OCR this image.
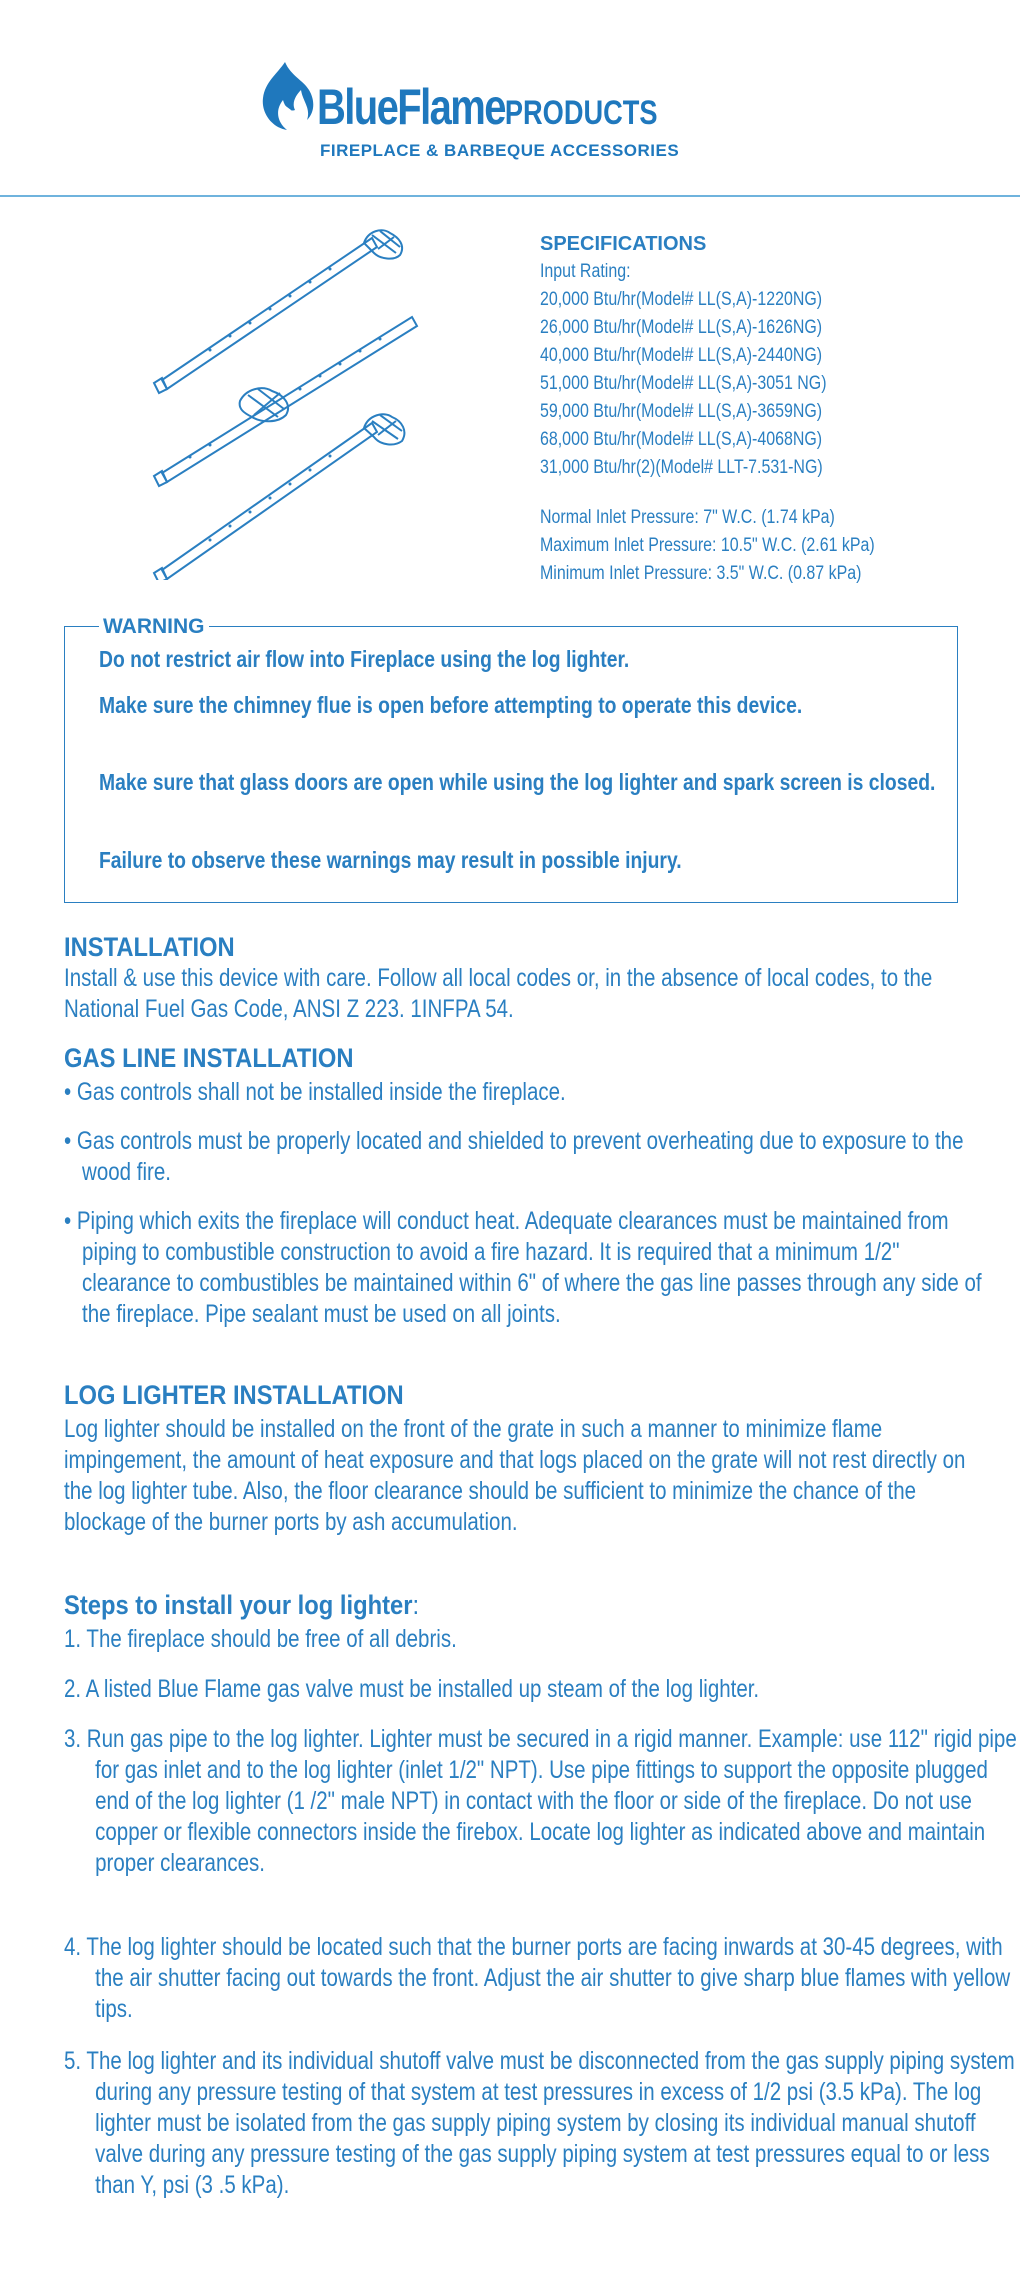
BlueFlamePRODUCTS
FIREPLACE & BARBEQUE ACCESSORIES
SPECIFICATIONS
Input Rating:
20,000 Btu/hr(Model# LL(S,A)-1220NG)
26,000 Btu/hr(Model# LL(S,A)-1626NG)
40,000 Btu/hr(Model# LL(S,A)-2440NG)
51,000 Btu/hr(Model# LL(S,A)-3051 NG)
59,000 Btu/hr(Model# LL(S,A)-3659NG)
68,000 Btu/hr(Model# LL(S,A)-4068NG)
31,000 Btu/hr(2)(Model# LLT-7.531-NG)
Normal Inlet Pressure: 7" W.C. (1.74 kPa)
Maximum Inlet Pressure: 10.5" W.C. (2.61 kPa)
Minimum Inlet Pressure: 3.5" W.C. (0.87 kPa)
WARNING
Do not restrict air flow into Fireplace using the log lighter.
Make sure the chimney flue is open before attempting to operate this device.
Make sure that glass doors are open while using the log lighter and spark screen is closed.
Failure to observe these warnings may result in possible injury.
INSTALLATION
Install & use this device with care. Follow all local codes or, in the absence of local codes, to the National Fuel Gas Code, ANSI Z 223. 1INFPA 54.
GAS LINE INSTALLATION
• Gas controls shall not be installed inside the fireplace.
• Gas controls must be properly located and shielded to prevent overheating due to exposure to the wood fire.
• Piping which exits the fireplace will conduct heat. Adequate clearances must be maintained from piping to combustible construction to avoid a fire hazard. It is required that a minimum 1/2" clearance to combustibles be maintained within 6" of where the gas line passes through any side of the fireplace. Pipe sealant must be used on all joints.
LOG LIGHTER INSTALLATION
Log lighter should be installed on the front of the grate in such a manner to minimize flame impingement, the amount of heat exposure and that logs placed on the grate will not rest directly on the log lighter tube. Also, the floor clearance should be sufficient to minimize the chance of the blockage of the burner ports by ash accumulation.
Steps to install your log lighter:
1. The fireplace should be free of all debris.
2. A listed Blue Flame gas valve must be installed up steam of the log lighter.
3. Run gas pipe to the log lighter. Lighter must be secured in a rigid manner. Example: use 112" rigid pipe for gas inlet and to the log lighter (inlet 1/2" NPT). Use pipe fittings to support the opposite plugged end of the log lighter (1 /2" male NPT) in contact with the floor or side of the fireplace. Do not use copper or flexible connectors inside the firebox. Locate log lighter as indicated above and maintain proper clearances.
4. The log lighter should be located such that the burner ports are facing inwards at 30-45 degrees, with the air shutter facing out towards the front. Adjust the air shutter to give sharp blue flames with yellow tips.
5. The log lighter and its individual shutoff valve must be disconnected from the gas supply piping system during any pressure testing of that system at test pressures in excess of 1/2 psi (3.5 kPa). The log lighter must be isolated from the gas supply piping system by closing its individual manual shutoff valve during any pressure testing of the gas supply piping system at test pressures equal to or less than Y, psi (3 .5 kPa).
